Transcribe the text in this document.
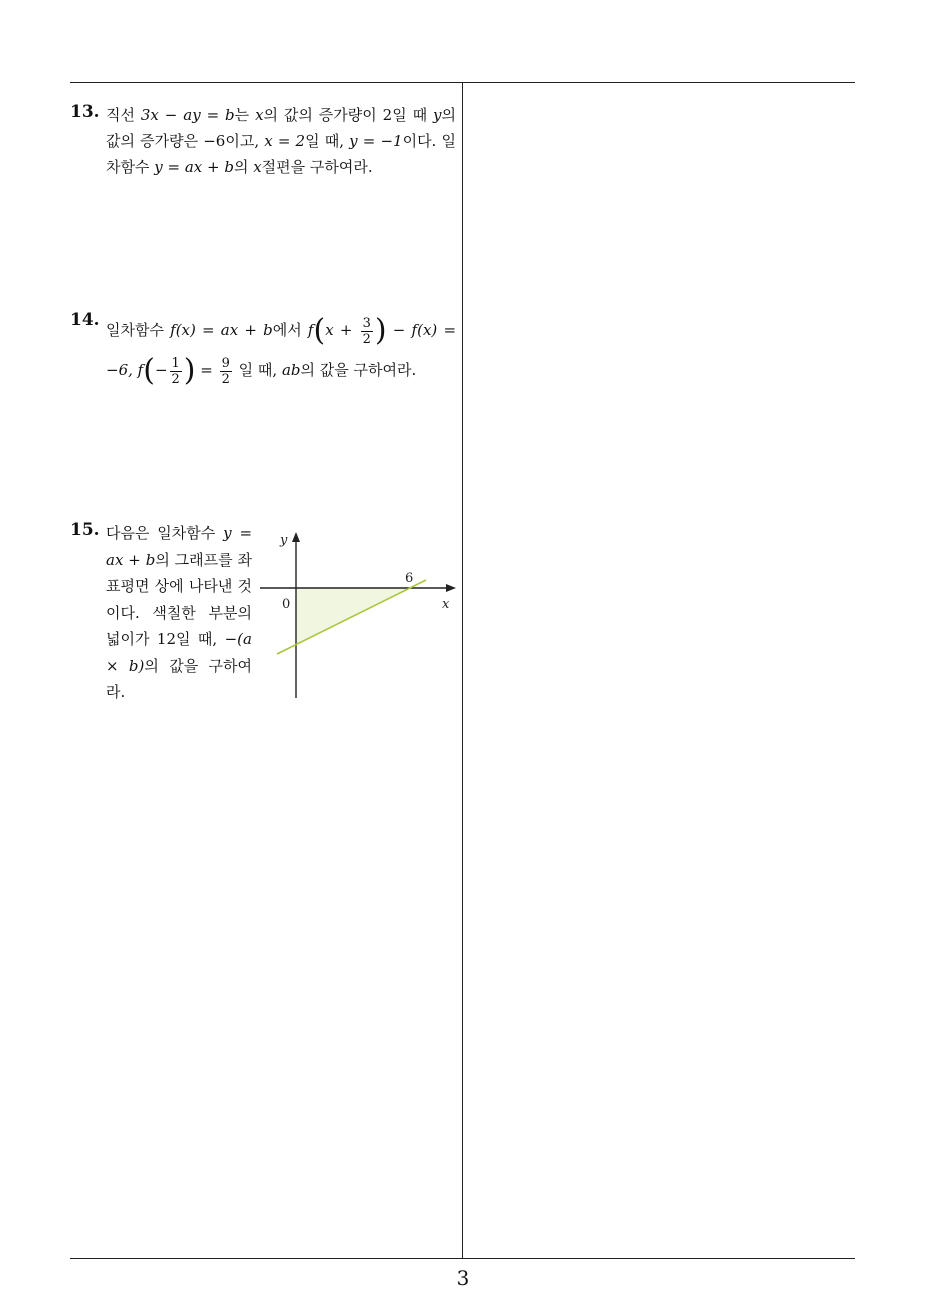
13. 직선 3x − ay = b는 x의 값의 증가량이 2일 때 y의 값의 증가량은 −6이고, x = 2일 때, y = −1이다. 일차함수 y = ax + b의 x절편을 구하여라.

14. 일차함수 f(x) = ax + b에서 $f(x + \frac{3}{2}$ ) − f(x) = −6, $f(- \frac{1}{2}$ ) = $\frac{9}{2}$ 일 때, ab의 값을 구하여라.

15. 다음은 일차함수 y = ax + b의 그래프를 좌표평면 상에 나타낸 것이다. 색칠한 부분의 넓이가 12일 때, −(a × b)의 값을 구하여라.

y
x
0
6
3
